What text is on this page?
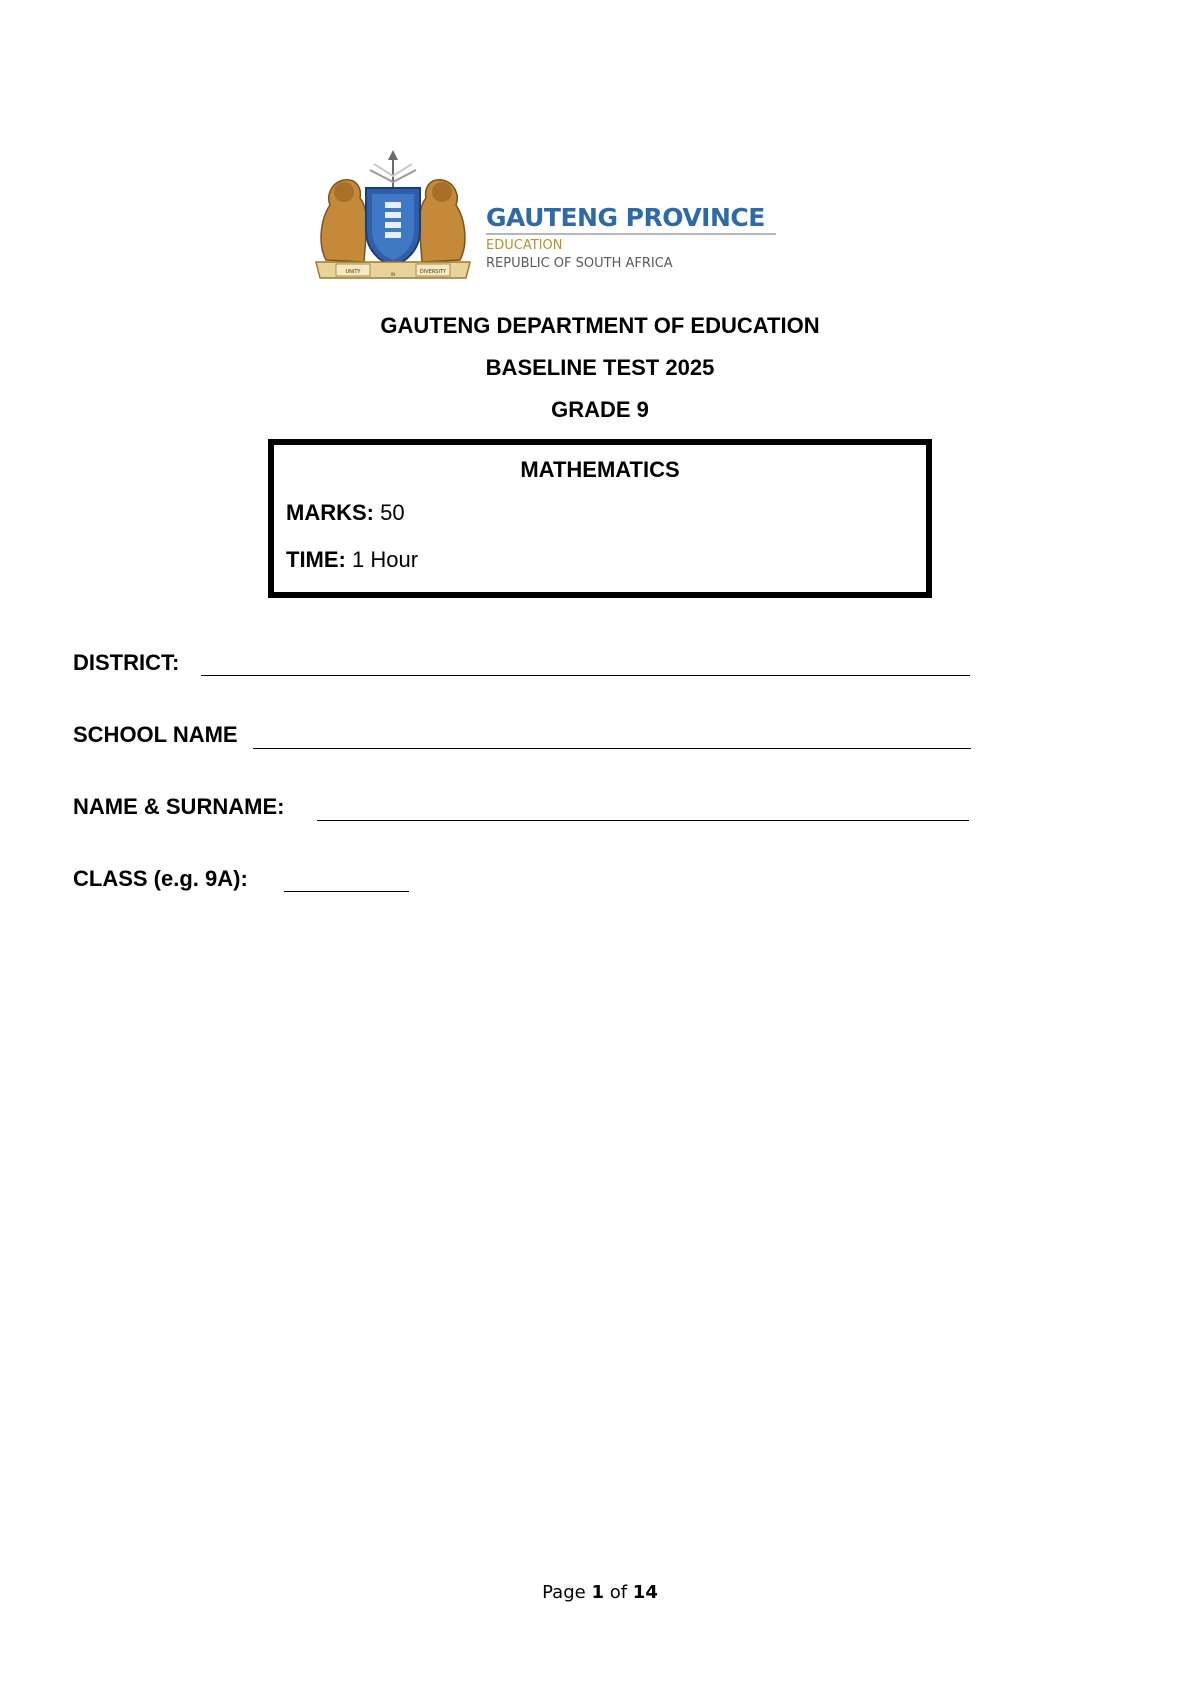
UNITY	IN	DIVERSITY
GAUTENG PROVINCE
EDUCATION
REPUBLIC OF SOUTH AFRICA
GAUTENG DEPARTMENT OF EDUCATION
BASELINE TEST 2025
GRADE 9
MATHEMATICS
MARKS: 50
TIME: 1 Hour
DISTRICT:
SCHOOL NAME
NAME & SURNAME:
CLASS (e.g. 9A):
Page 1 of 14
